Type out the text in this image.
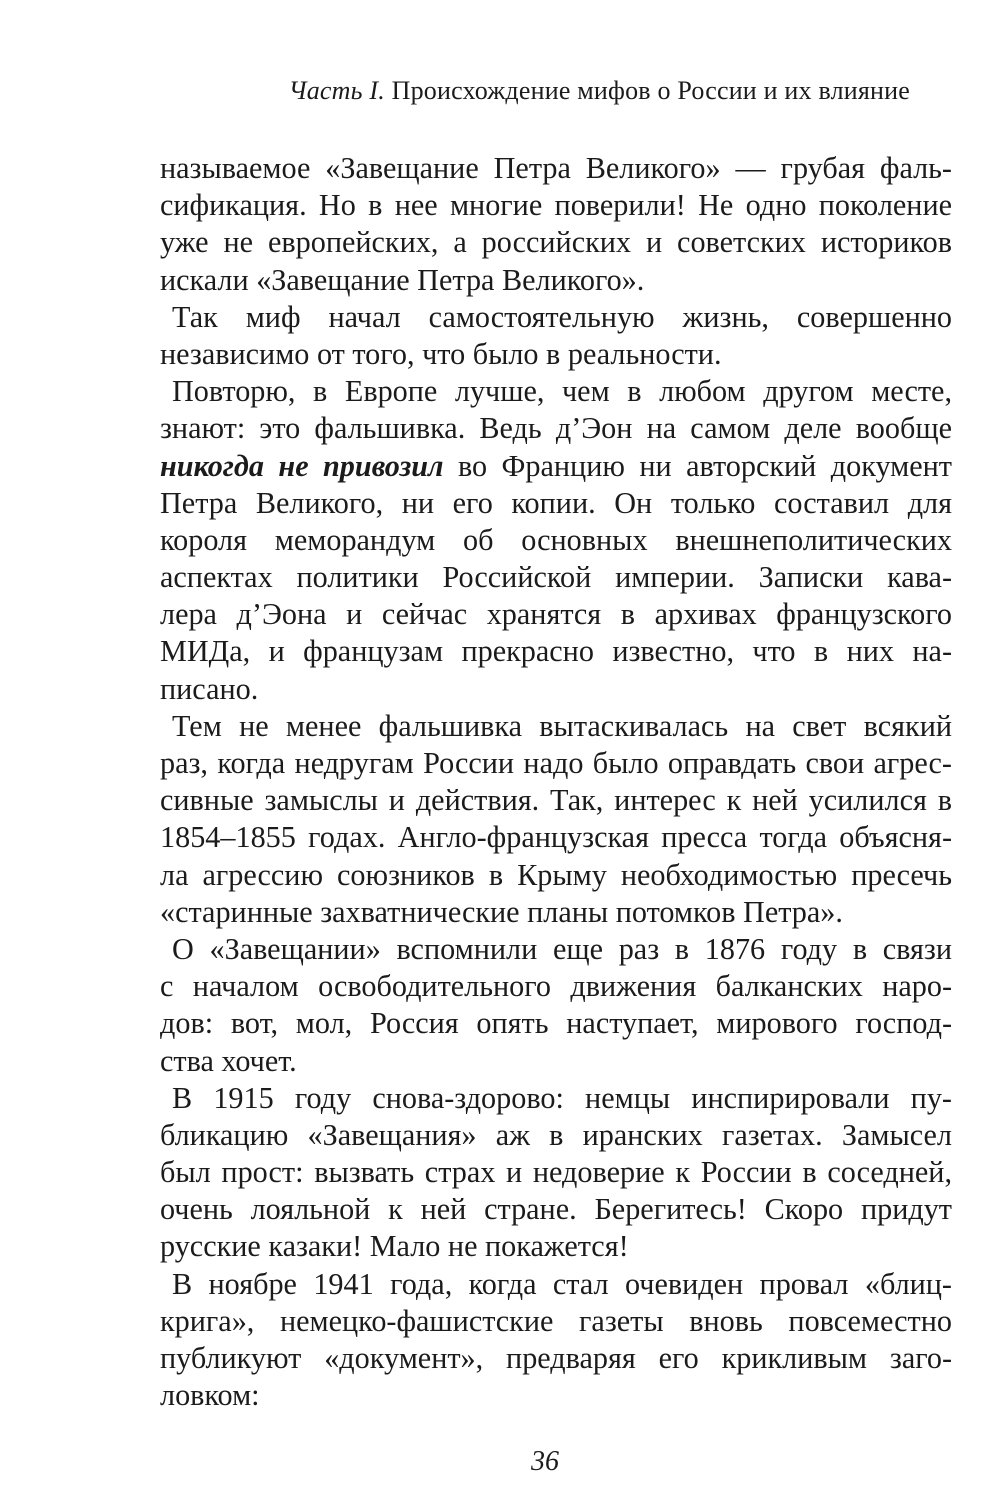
Часть I. Происхождение мифов о России и их влияние
называемое «Завещание Петра Великого» — грубая фаль-
сификация. Но в нее многие поверили! Не одно поколение
уже не европейских, а российских и советских историков
искали «Завещание Петра Великого».
Так миф начал самостоятельную жизнь, совершенно
независимо от того, что было в реальности.
Повторю, в Европе лучше, чем в любом другом месте,
знают: это фальшивка. Ведь д’Эон на самом деле вообще
никогда не привозил во Францию ни авторский документ
Петра Великого, ни его копии. Он только составил для
короля меморандум об основных внешнеполитических
аспектах политики Российской империи. Записки кава-
лера д’Эона и сейчас хранятся в архивах французского
МИДа, и французам прекрасно известно, что в них на-
писано.
Тем не менее фальшивка вытаскивалась на свет всякий
раз, когда недругам России надо было оправдать свои агрес-
сивные замыслы и действия. Так, интерес к ней усилился в
1854–1855 годах. Англо-французская пресса тогда объясня-
ла агрессию союзников в Крыму необходимостью пресечь
«старинные захватнические планы потомков Петра».
О «Завещании» вспомнили еще раз в 1876 году в связи
с началом освободительного движения балканских наро-
дов: вот, мол, Россия опять наступает, мирового господ-
ства хочет.
В 1915 году снова-здорово: немцы инспирировали пу-
бликацию «Завещания» аж в иранских газетах. Замысел
был прост: вызвать страх и недоверие к России в соседней,
очень лояльной к ней стране. Берегитесь! Скоро придут
русские казаки! Мало не покажется!
В ноябре 1941 года, когда стал очевиден провал «блиц-
крига», немецко-фашистские газеты вновь повсеместно
публикуют «документ», предваряя его крикливым заго-
ловком:
36
